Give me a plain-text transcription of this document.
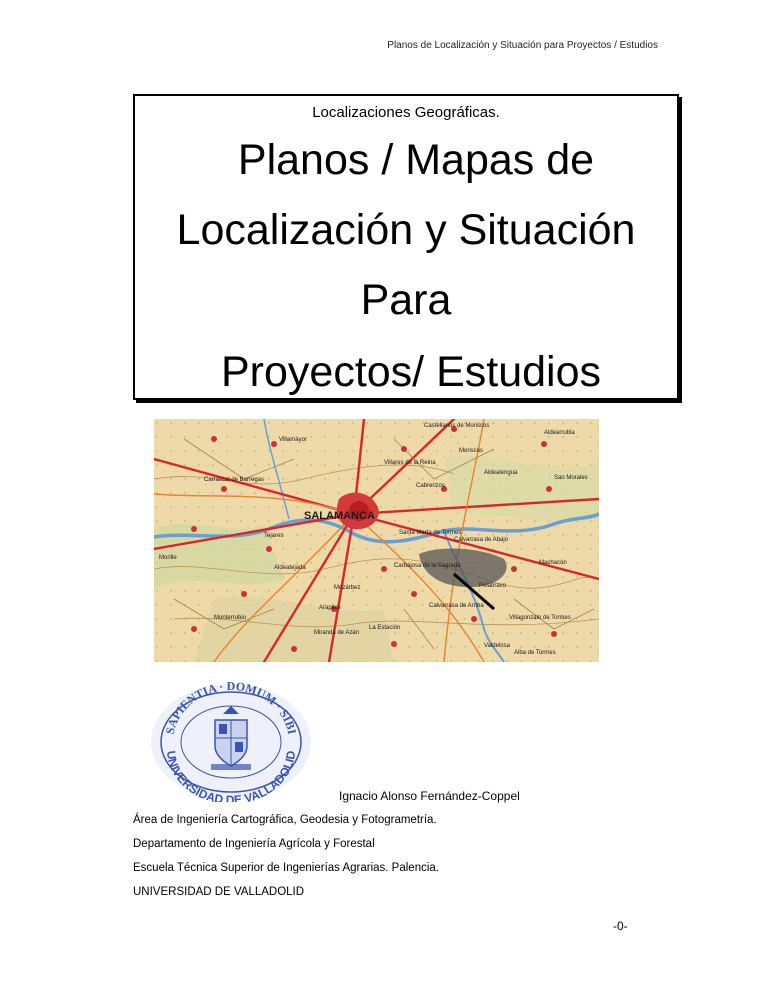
Planos de Localización y Situación para Proyectos / Estudios
Localizaciones Geográficas.
Planos / Mapas de
Localización y Situación
Para
Proyectos/ Estudios
SALAMANCA
Villamayor
Castellanos de Moriscos
Aldearrubia
Villares de la Reina
Moriscos
Aldealengua
San Morales
Carrascal de Barregas
Cabrerizos
Calvarrasa de Abajo
Santa Marta de Tormes
Carbajosa de la Sagrada
Pelabravo
Machacón
Calvarrasa de Arriba
Miranda de Azán
La Estación
Valdelosa
Morille
Tejares
Aldeatejada
Arapiles
Villagonzalo de Tormes
Monterrubio
Mozárbez
Alba de Tormes
SAPIENTIA · DOMUM · SIBI
UNIVERSIDAD DE VALLADOLID
Ignacio Alonso Fernández-Coppel
Área de Ingeniería Cartográfica, Geodesia y Fotogrametría.
Departamento de Ingeniería Agrícola y Forestal
Escuela Técnica Superior de Ingenierías Agrarias. Palencia.
UNIVERSIDAD DE VALLADOLID
-0-
